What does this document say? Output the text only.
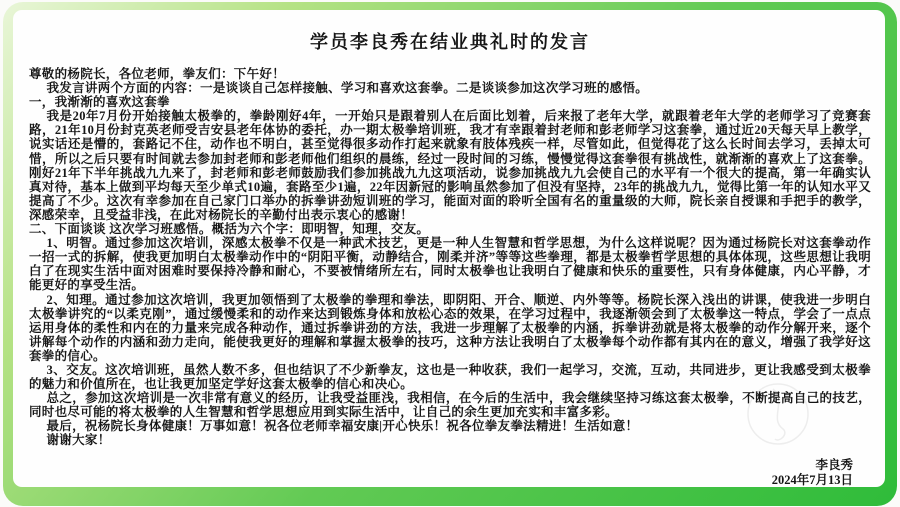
学员李良秀在结业典礼时的发言

尊敬的杨院长，各位老师，拳友们：下午好！

我发言讲两个方面的内容：一是谈谈自己怎样接触、学习和喜欢这套拳。二是谈谈参加这次学习班的感悟。

一，我渐渐的喜欢这套拳

我是20年7月份开始接触太极拳的，拳龄刚好4年，一开始只是跟着别人在后面比划着，后来报了老年大学，就跟着老年大学的老师学习了竞赛套路，21年10月份封克英老师受吉安县老年体协的委托，办一期太极拳培训班，我才有幸跟着封老师和彭老师学习这套拳，通过近20天每天早上教学，说实话还是懵的，套路记不住，动作也不明白，甚至觉得很多动作打起来就象有肢体残疾一样，尽管如此，但觉得花了这么长时间去学习，丢掉太可惜，所以之后只要有时间就去参加封老师和彭老师他们组织的晨练，经过一段时间的习练，慢慢觉得这套拳很有挑战性，就渐渐的喜欢上了这套拳。刚好21年下半年挑战九九来了，封老师和彭老师鼓励我们参加挑战九九这项活动，说参加挑战九九会使自己的水平有一个很大的提高，第一年确实认真对待，基本上做到平均每天至少单式10遍，套路至少1遍，22年因新冠的影响虽然参加了但没有坚持，23年的挑战九九，觉得比第一年的认知水平又提高了不少。这次有幸参加在自己家门口举办的拆拳讲劲短训班的学习，能面对面的聆听全国有名的重量级的大师，院长亲自授课和手把手的教学，深感荣幸，且受益非浅，在此对杨院长的辛勤付出表示衷心的感谢！

二、下面谈谈 这次学习班感悟。概括为六个字：即明智，知理，交友。

1、明智。通过参加这次培训，深感太极拳不仅是一种武术技艺，更是一种人生智慧和哲学思想，为什么这样说呢？因为通过杨院长对这套拳动作一招一式的拆解，使我更加明白太极拳动作中的“阴阳平衡，动静结合，刚柔并济”等等这些拳理，都是太极拳哲学思想的具体体现，这些思想让我明白了在现实生活中面对困难时要保持冷静和耐心，不要被情绪所左右，同时太极拳也让我明白了健康和快乐的重要性，只有身体健康，内心平静，才能更好的享受生活。

2、知理。通过参加这次培训，我更加领悟到了太极拳的拳理和拳法，即阴阳、开合、顺逆、内外等等。杨院长深入浅出的讲课，使我进一步明白太极拳讲究的“以柔克刚”，通过缓慢柔和的动作来达到锻炼身体和放松心态的效果，在学习过程中，我逐渐领会到了太极拳这一特点，学会了一点点运用身体的柔性和内在的力量来完成各种动作，通过拆拳讲劲的方法，我进一步理解了太极拳的内涵，拆拳讲劲就是将太极拳的动作分解开来，逐个讲解每个动作的内涵和劲力走向，能使我更好的理解和掌握太极拳的技巧，这种方法让我明白了太极拳每个动作都有其内在的意义，增强了我学好这套拳的信心。

3、交友。这次培训班，虽然人数不多，但也结识了不少新拳友，这也是一种收获，我们一起学习，交流，互动，共同进步，更让我感受到太极拳的魅力和价值所在，也让我更加坚定学好这套太极拳的信心和决心。

总之，参加这次培训是一次非常有意义的经历，让我受益匪浅，我相信，在今后的生活中，我会继续坚持习练这套太极拳，不断提高自己的技艺，同时也尽可能的将太极拳的人生智慧和哲学思想应用到实际生活中，让自己的余生更加充实和丰富多彩。

最后，祝杨院长身体健康！万事如意！祝各位老师幸福安康|开心快乐！祝各位拳友拳法精进！生活如意！

谢谢大家！

李良秀
2024年7月13日
